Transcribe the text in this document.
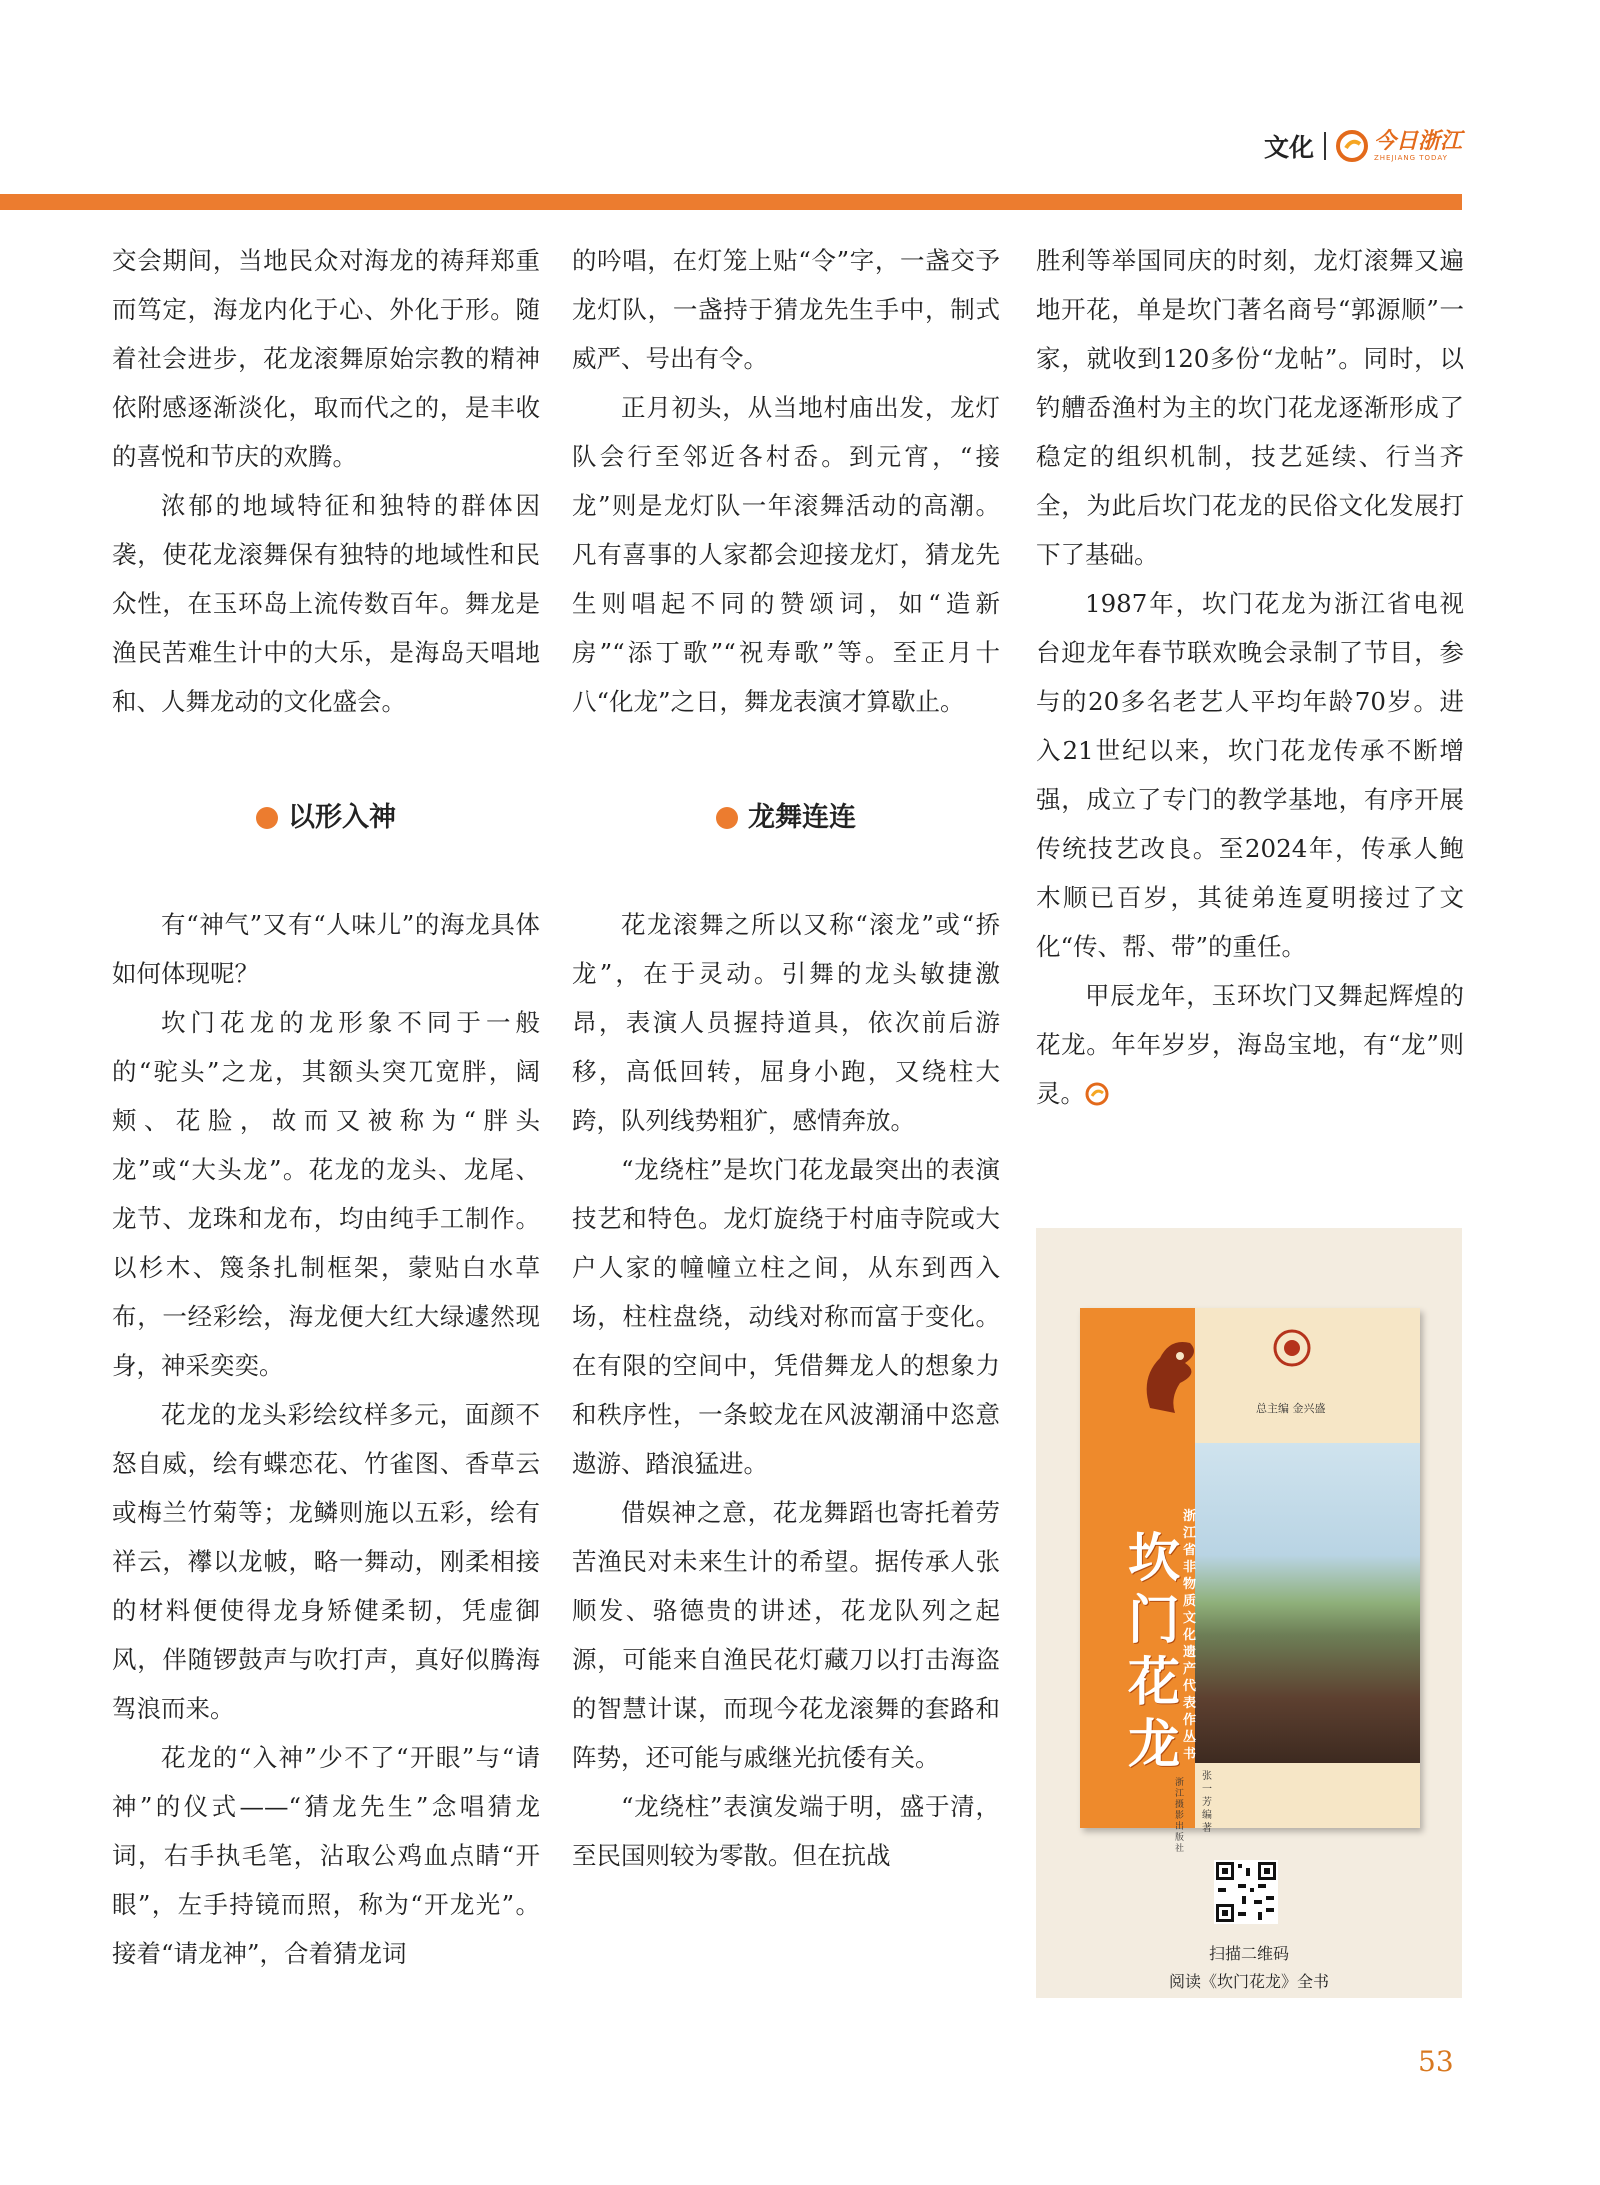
文化	今日浙江
ZHEJIANG TODAY

交会期间，当地民众对海龙的祷拜郑重而笃定，海龙内化于心、外化于形。随着社会进步，花龙滚舞原始宗教的精神依附感逐渐淡化，取而代之的，是丰收的喜悦和节庆的欢腾。

浓郁的地域特征和独特的群体因袭，使花龙滚舞保有独特的地域性和民众性，在玉环岛上流传数百年。舞龙是渔民苦难生计中的大乐，是海岛天唱地和、人舞龙动的文化盛会。

以形入神

有“神气”又有“人味儿”的海龙具体如何体现呢？

坎门花龙的龙形象不同于一般的“驼头”之龙，其额头突兀宽胖，阔颊、花脸，故而又被称为“胖头龙”或“大头龙”。花龙的龙头、龙尾、龙节、龙珠和龙布，均由纯手工制作。以杉木、篾条扎制框架，蒙贴白水草布，一经彩绘，海龙便大红大绿遽然现身，神采奕奕。

花龙的龙头彩绘纹样多元，面颜不怒自威，绘有蝶恋花、竹雀图、香草云或梅兰竹菊等；龙鳞则施以五彩，绘有祥云，襻以龙帔，略一舞动，刚柔相接的材料便使得龙身矫健柔韧，凭虚御风，伴随锣鼓声与吹打声，真好似腾海驾浪而来。

花龙的“入神”少不了“开眼”与“请神”的仪式——“猜龙先生”念唱猜龙词，右手执毛笔，沾取公鸡血点睛“开眼”，左手持镜而照，称为“开龙光”。接着“请龙神”，合着猜龙词

的吟唱，在灯笼上贴“令”字，一盏交予龙灯队，一盏持于猜龙先生手中，制式威严、号出有令。

正月初头，从当地村庙出发，龙灯队会行至邻近各村岙。到元宵，“接龙”则是龙灯队一年滚舞活动的高潮。凡有喜事的人家都会迎接龙灯，猜龙先生则唱起不同的赞颂词，如“造新房”“添丁歌”“祝寿歌”等。至正月十八“化龙”之日，舞龙表演才算歇止。

龙舞连连

花龙滚舞之所以又称“滚龙”或“挢龙”，在于灵动。引舞的龙头敏捷激昂，表演人员握持道具，依次前后游移，高低回转，屈身小跑，又绕柱大跨，队列线势粗犷，感情奔放。

“龙绕柱”是坎门花龙最突出的表演技艺和特色。龙灯旋绕于村庙寺院或大户人家的幢幢立柱之间，从东到西入场，柱柱盘绕，动线对称而富于变化。在有限的空间中，凭借舞龙人的想象力和秩序性，一条蛟龙在风波潮涌中恣意遨游、踏浪猛进。

借娱神之意，花龙舞蹈也寄托着劳苦渔民对未来生计的希望。据传承人张顺发、骆德贵的讲述，花龙队列之起源，可能来自渔民花灯藏刀以打击海盗的智慧计谋，而现今花龙滚舞的套路和阵势，还可能与戚继光抗倭有关。

“龙绕柱”表演发端于明，盛于清，至民国则较为零散。但在抗战

胜利等举国同庆的时刻，龙灯滚舞又遍地开花，单是坎门著名商号“郭源顺”一家，就收到120多份“龙帖”。同时，以钓艚岙渔村为主的坎门花龙逐渐形成了稳定的组织机制，技艺延续、行当齐全，为此后坎门花龙的民俗文化发展打下了基础。

1987年，坎门花龙为浙江省电视台迎龙年春节联欢晚会录制了节目，参与的20多名老艺人平均年龄70岁。进入21世纪以来，坎门花龙传承不断增强，成立了专门的教学基地，有序开展传统技艺改良。至2024年，传承人鲍木顺已百岁，其徒弟连夏明接过了文化“传、帮、带”的重任。

甲辰龙年，玉环坎门又舞起辉煌的花龙。年年岁岁，海岛宝地，有“龙”则灵。

总主编 金兴盛
坎门花龙
浙江省非物质文化遗产代表作丛书
张一芳 编著
浙江摄影出版社
扫描二维码
阅读《坎门花龙》全书
53
